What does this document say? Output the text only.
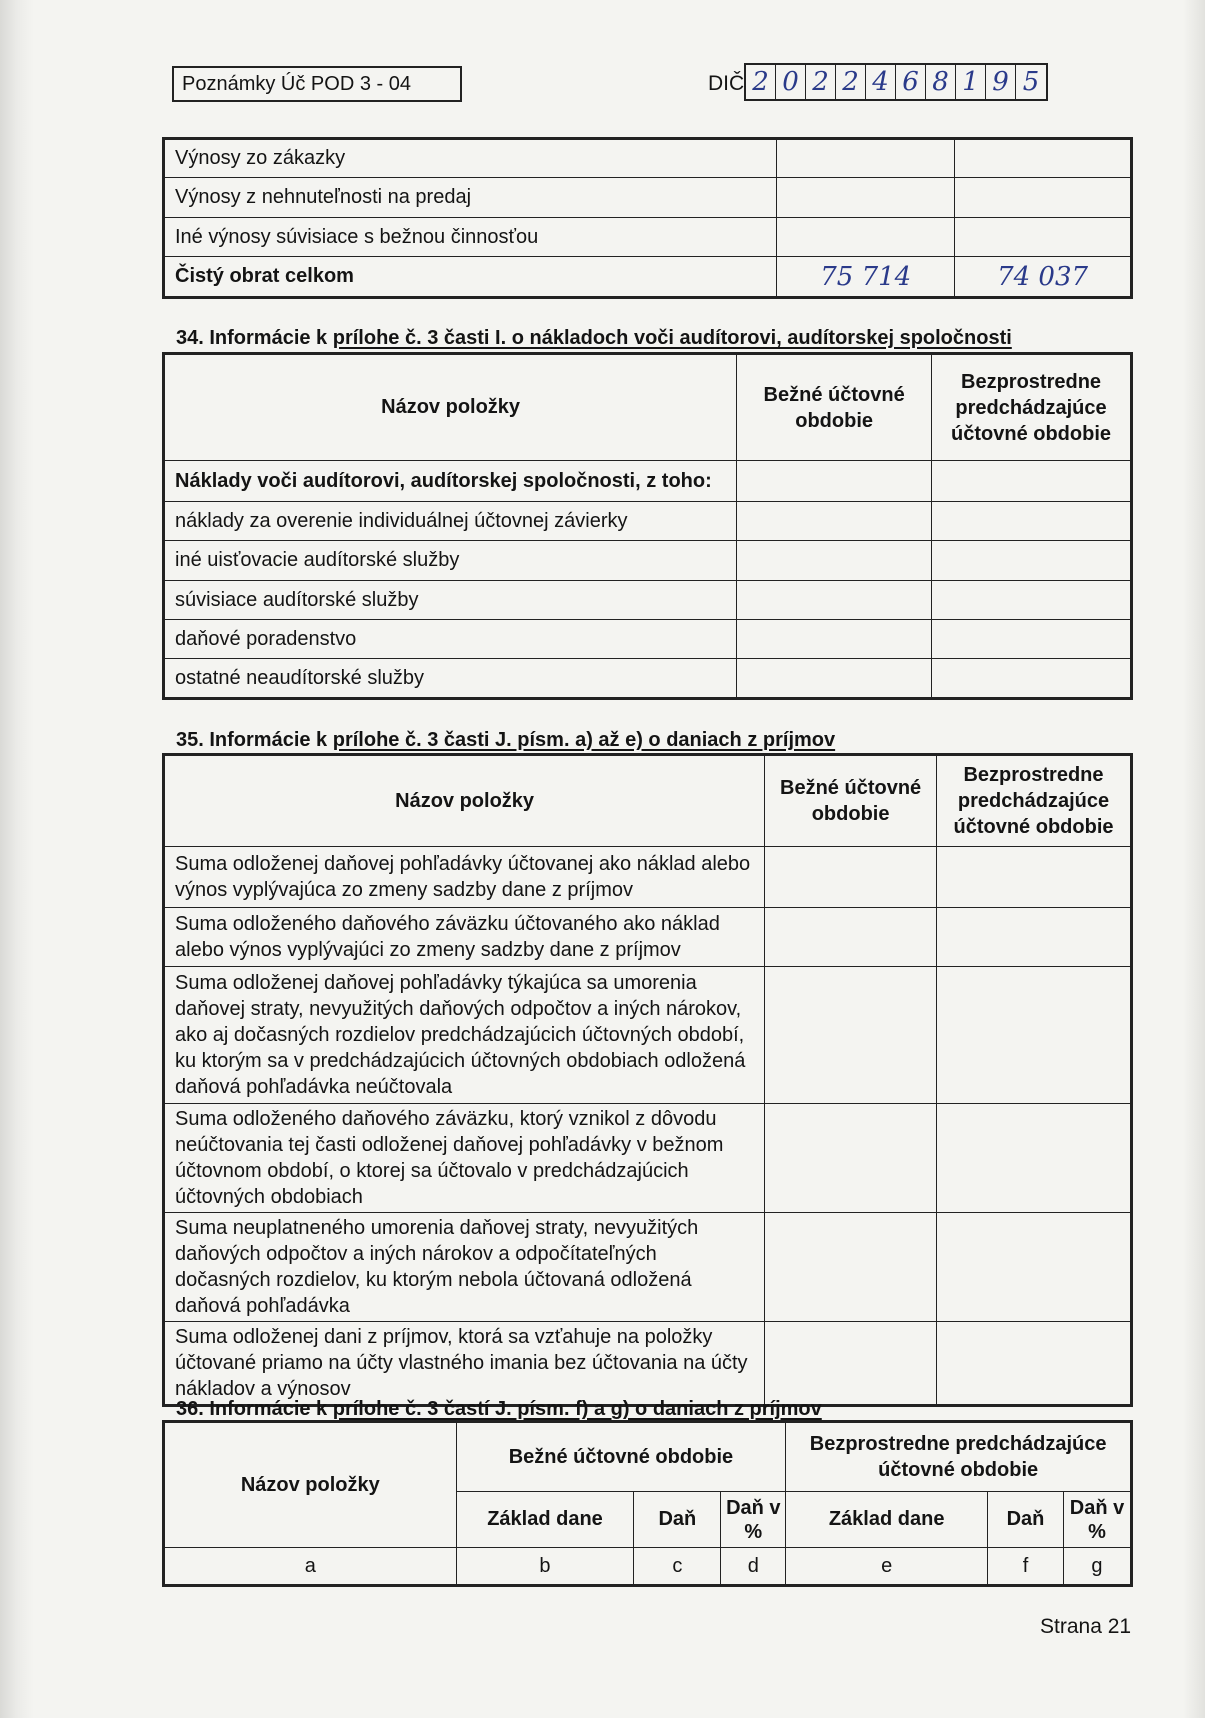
Poznámky Úč POD 3 - 04	DIČ 2 0 2 2 4 6 8 1 9 5
Výnosy zo zákazky		
Výnosy z nehnuteľnosti na predaj		
Iné výnosy súvisiace s bežnou činnosťou		
Čistý obrat celkom	75 714	74 037
34. Informácie k prílohe č. 3 časti I. o nákladoch voči audítorovi, audítorskej spoločnosti
Názov položky	Bežné účtovné obdobie	Bezprostredne predchádzajúce účtovné obdobie
Náklady voči audítorovi, audítorskej spoločnosti, z toho:		
náklady za overenie individuálnej účtovnej závierky		
iné uisťovacie audítorské služby		
súvisiace audítorské služby		
daňové poradenstvo		
ostatné neaudítorské služby		
35. Informácie k prílohe č. 3 časti J. písm. a) až e) o daniach z príjmov
Názov položky	Bežné účtovné obdobie	Bezprostredne predchádzajúce účtovné obdobie
Suma odloženej daňovej pohľadávky účtovanej ako náklad alebo výnos vyplývajúca zo zmeny sadzby dane z príjmov		
Suma odloženého daňového záväzku účtovaného ako náklad alebo výnos vyplývajúci zo zmeny sadzby dane z príjmov		
Suma odloženej daňovej pohľadávky týkajúca sa umorenia daňovej straty, nevyužitých daňových odpočtov a iných nárokov, ako aj dočasných rozdielov predchádzajúcich účtovných období, ku ktorým sa v predchádzajúcich účtovných obdobiach odložená daňová pohľadávka neúčtovala		
Suma odloženého daňového záväzku, ktorý vznikol z dôvodu neúčtovania tej časti odloženej daňovej pohľadávky v bežnom účtovnom období, o ktorej sa účtovalo v predchádzajúcich účtovných obdobiach		
Suma neuplatneného umorenia daňovej straty, nevyužitých daňových odpočtov a iných nárokov a odpočítateľných dočasných rozdielov, ku ktorým nebola účtovaná odložená daňová pohľadávka		
Suma odloženej dani z príjmov, ktorá sa vzťahuje na položky účtované priamo na účty vlastného imania bez účtovania na účty nákladov a výnosov		
36. Informácie k prílohe č. 3 častí J. písm. f) a g) o daniach z príjmov
Názov položky	Bežné účtovné obdobie			Bezprostredne predchádzajúce účtovné obdobie		
	Základ dane	Daň	Daň v %	Základ dane	Daň	Daň v %
a	b	c	d	e	f	g
Strana 21
